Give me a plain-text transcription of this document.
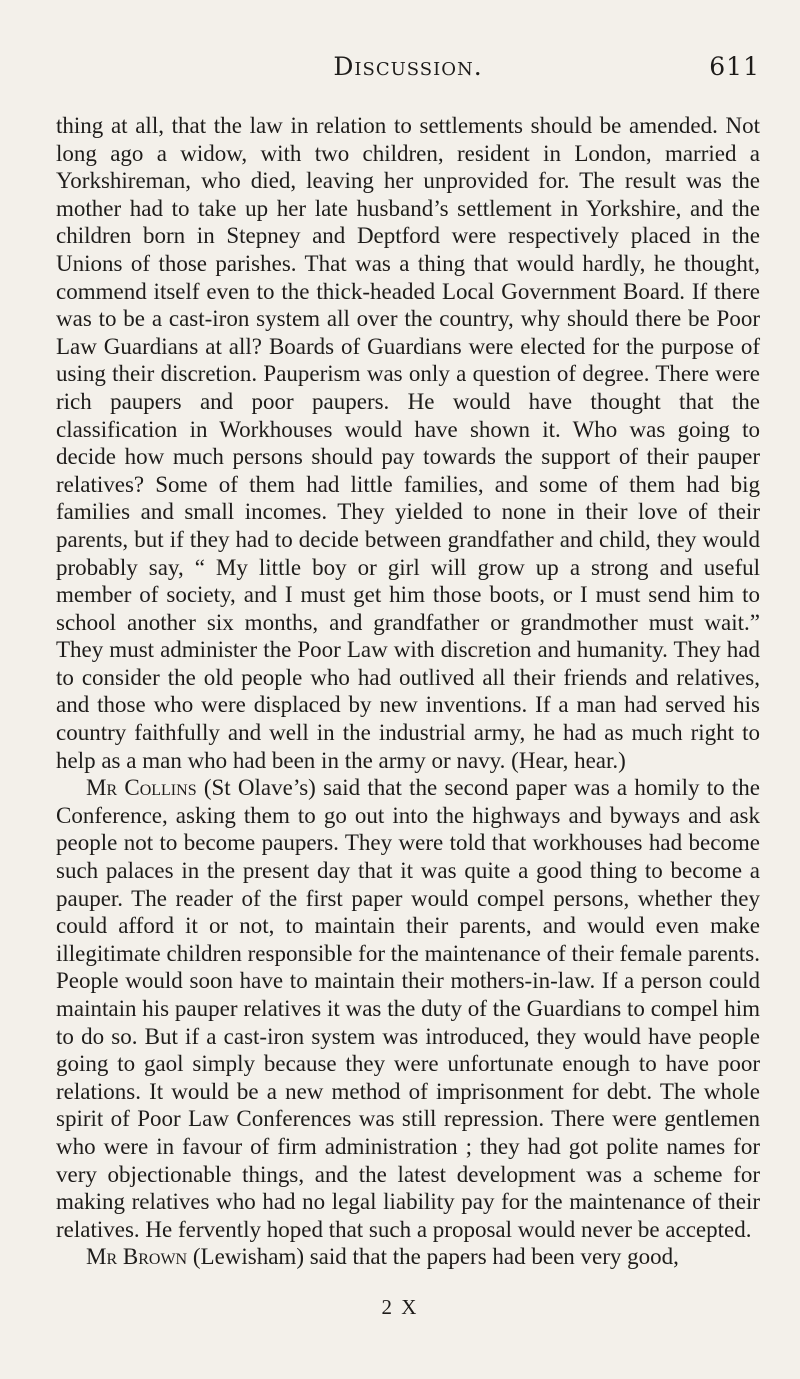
Discussion.	611

thing at all, that the law in relation to settlements should be amended. Not long ago a widow, with two children, resident in London, married a Yorkshireman, who died, leaving her unprovided for. The result was the mother had to take up her late husband’s settlement in Yorkshire, and the children born in Stepney and Deptford were respectively placed in the Unions of those parishes. That was a thing that would hardly, he thought, commend itself even to the thick-headed Local Government Board. If there was to be a cast-iron system all over the country, why should there be Poor Law Guardians at all? Boards of Guardians were elected for the purpose of using their discretion. Pauperism was only a question of degree. There were rich paupers and poor paupers. He would have thought that the classification in Workhouses would have shown it. Who was going to decide how much persons should pay towards the support of their pauper relatives? Some of them had little families, and some of them had big families and small incomes. They yielded to none in their love of their parents, but if they had to decide between grandfather and child, they would probably say, “ My little boy or girl will grow up a strong and useful member of society, and I must get him those boots, or I must send him to school another six months, and grandfather or grandmother must wait.” They must administer the Poor Law with discretion and humanity. They had to consider the old people who had outlived all their friends and relatives, and those who were displaced by new inventions. If a man had served his country faithfully and well in the industrial army, he had as much right to help as a man who had been in the army or navy. (Hear, hear.)

Mr Collins (St Olave’s) said that the second paper was a homily to the Conference, asking them to go out into the highways and byways and ask people not to become paupers. They were told that workhouses had become such palaces in the present day that it was quite a good thing to become a pauper. The reader of the first paper would compel persons, whether they could afford it or not, to maintain their parents, and would even make illegitimate children responsible for the maintenance of their female parents. People would soon have to maintain their mothers-in-law. If a person could maintain his pauper relatives it was the duty of the Guardians to compel him to do so. But if a cast-iron system was introduced, they would have people going to gaol simply because they were unfortunate enough to have poor relations. It would be a new method of imprisonment for debt. The whole spirit of Poor Law Conferences was still repression. There were gentlemen who were in favour of firm administration ; they had got polite names for very objectionable things, and the latest development was a scheme for making relatives who had no legal liability pay for the maintenance of their relatives. He fervently hoped that such a proposal would never be accepted.

Mr Brown (Lewisham) said that the papers had been very good,

2 X
